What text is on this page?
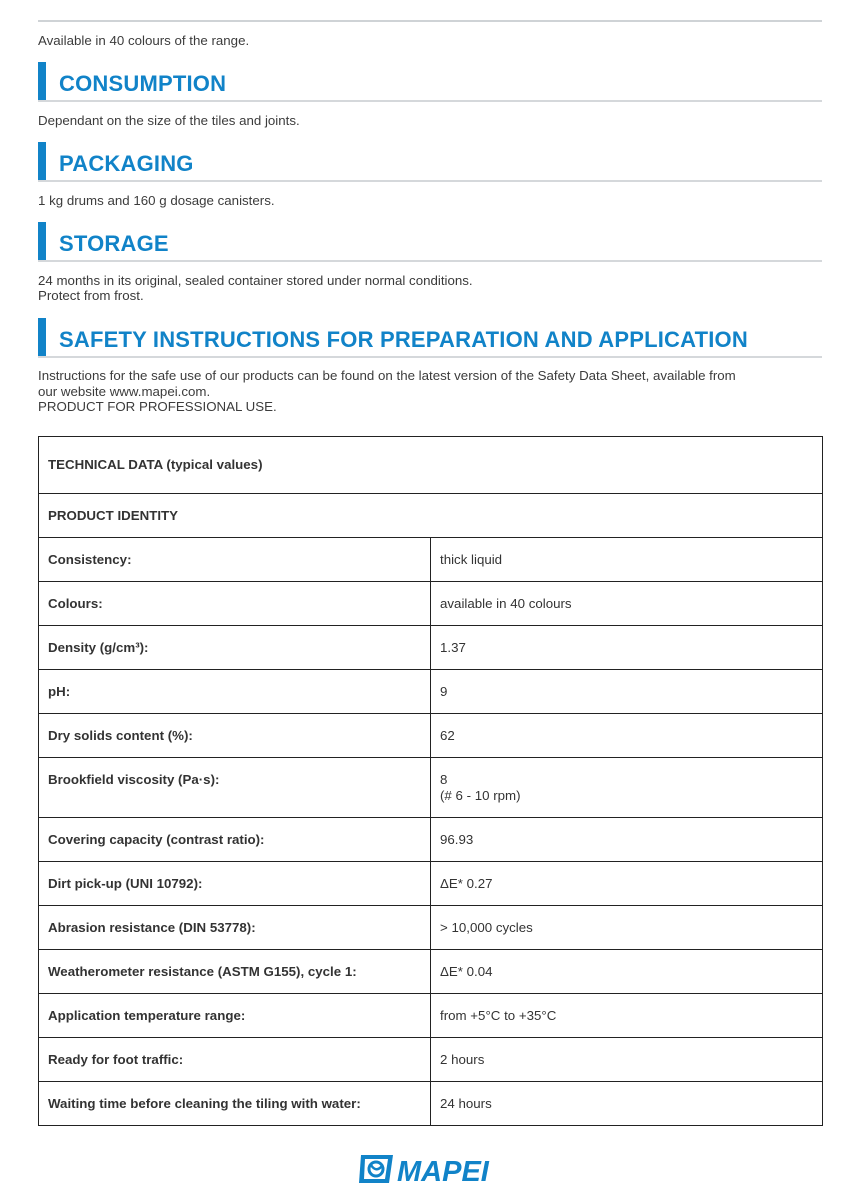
Available in 40 colours of the range.

CONSUMPTION

Dependant on the size of the tiles and joints.

PACKAGING

1 kg drums and 160 g dosage canisters.

STORAGE

24 months in its original, sealed container stored under normal conditions.
Protect from frost.

SAFETY INSTRUCTIONS FOR PREPARATION AND APPLICATION
Instructions for the safe use of our products can be found on the latest version of the Safety Data Sheet, available from
our website www.mapei.com.
PRODUCT FOR PROFESSIONAL USE.
TECHNICAL DATA (typical values)	
PRODUCT IDENTITY	
Consistency:	thick liquid
Colours:	available in 40 colours
Density (g/cm³):	1.37
pH:	9
Dry solids content (%):	62
Brookfield viscosity (Pa·s):	8
(# 6 - 10 rpm)

Covering capacity (contrast ratio):	96.93
Dirt pick-up (UNI 10792):	ΔE* 0.27
Abrasion resistance (DIN 53778):	> 10,000 cycles
Weatherometer resistance (ASTM G155), cycle 1:	ΔE* 0.04
Application temperature range:	from +5°C to +35°C
Ready for foot traffic:	2 hours
Waiting time before cleaning the tiling with water:	24 hours
MAPEI
